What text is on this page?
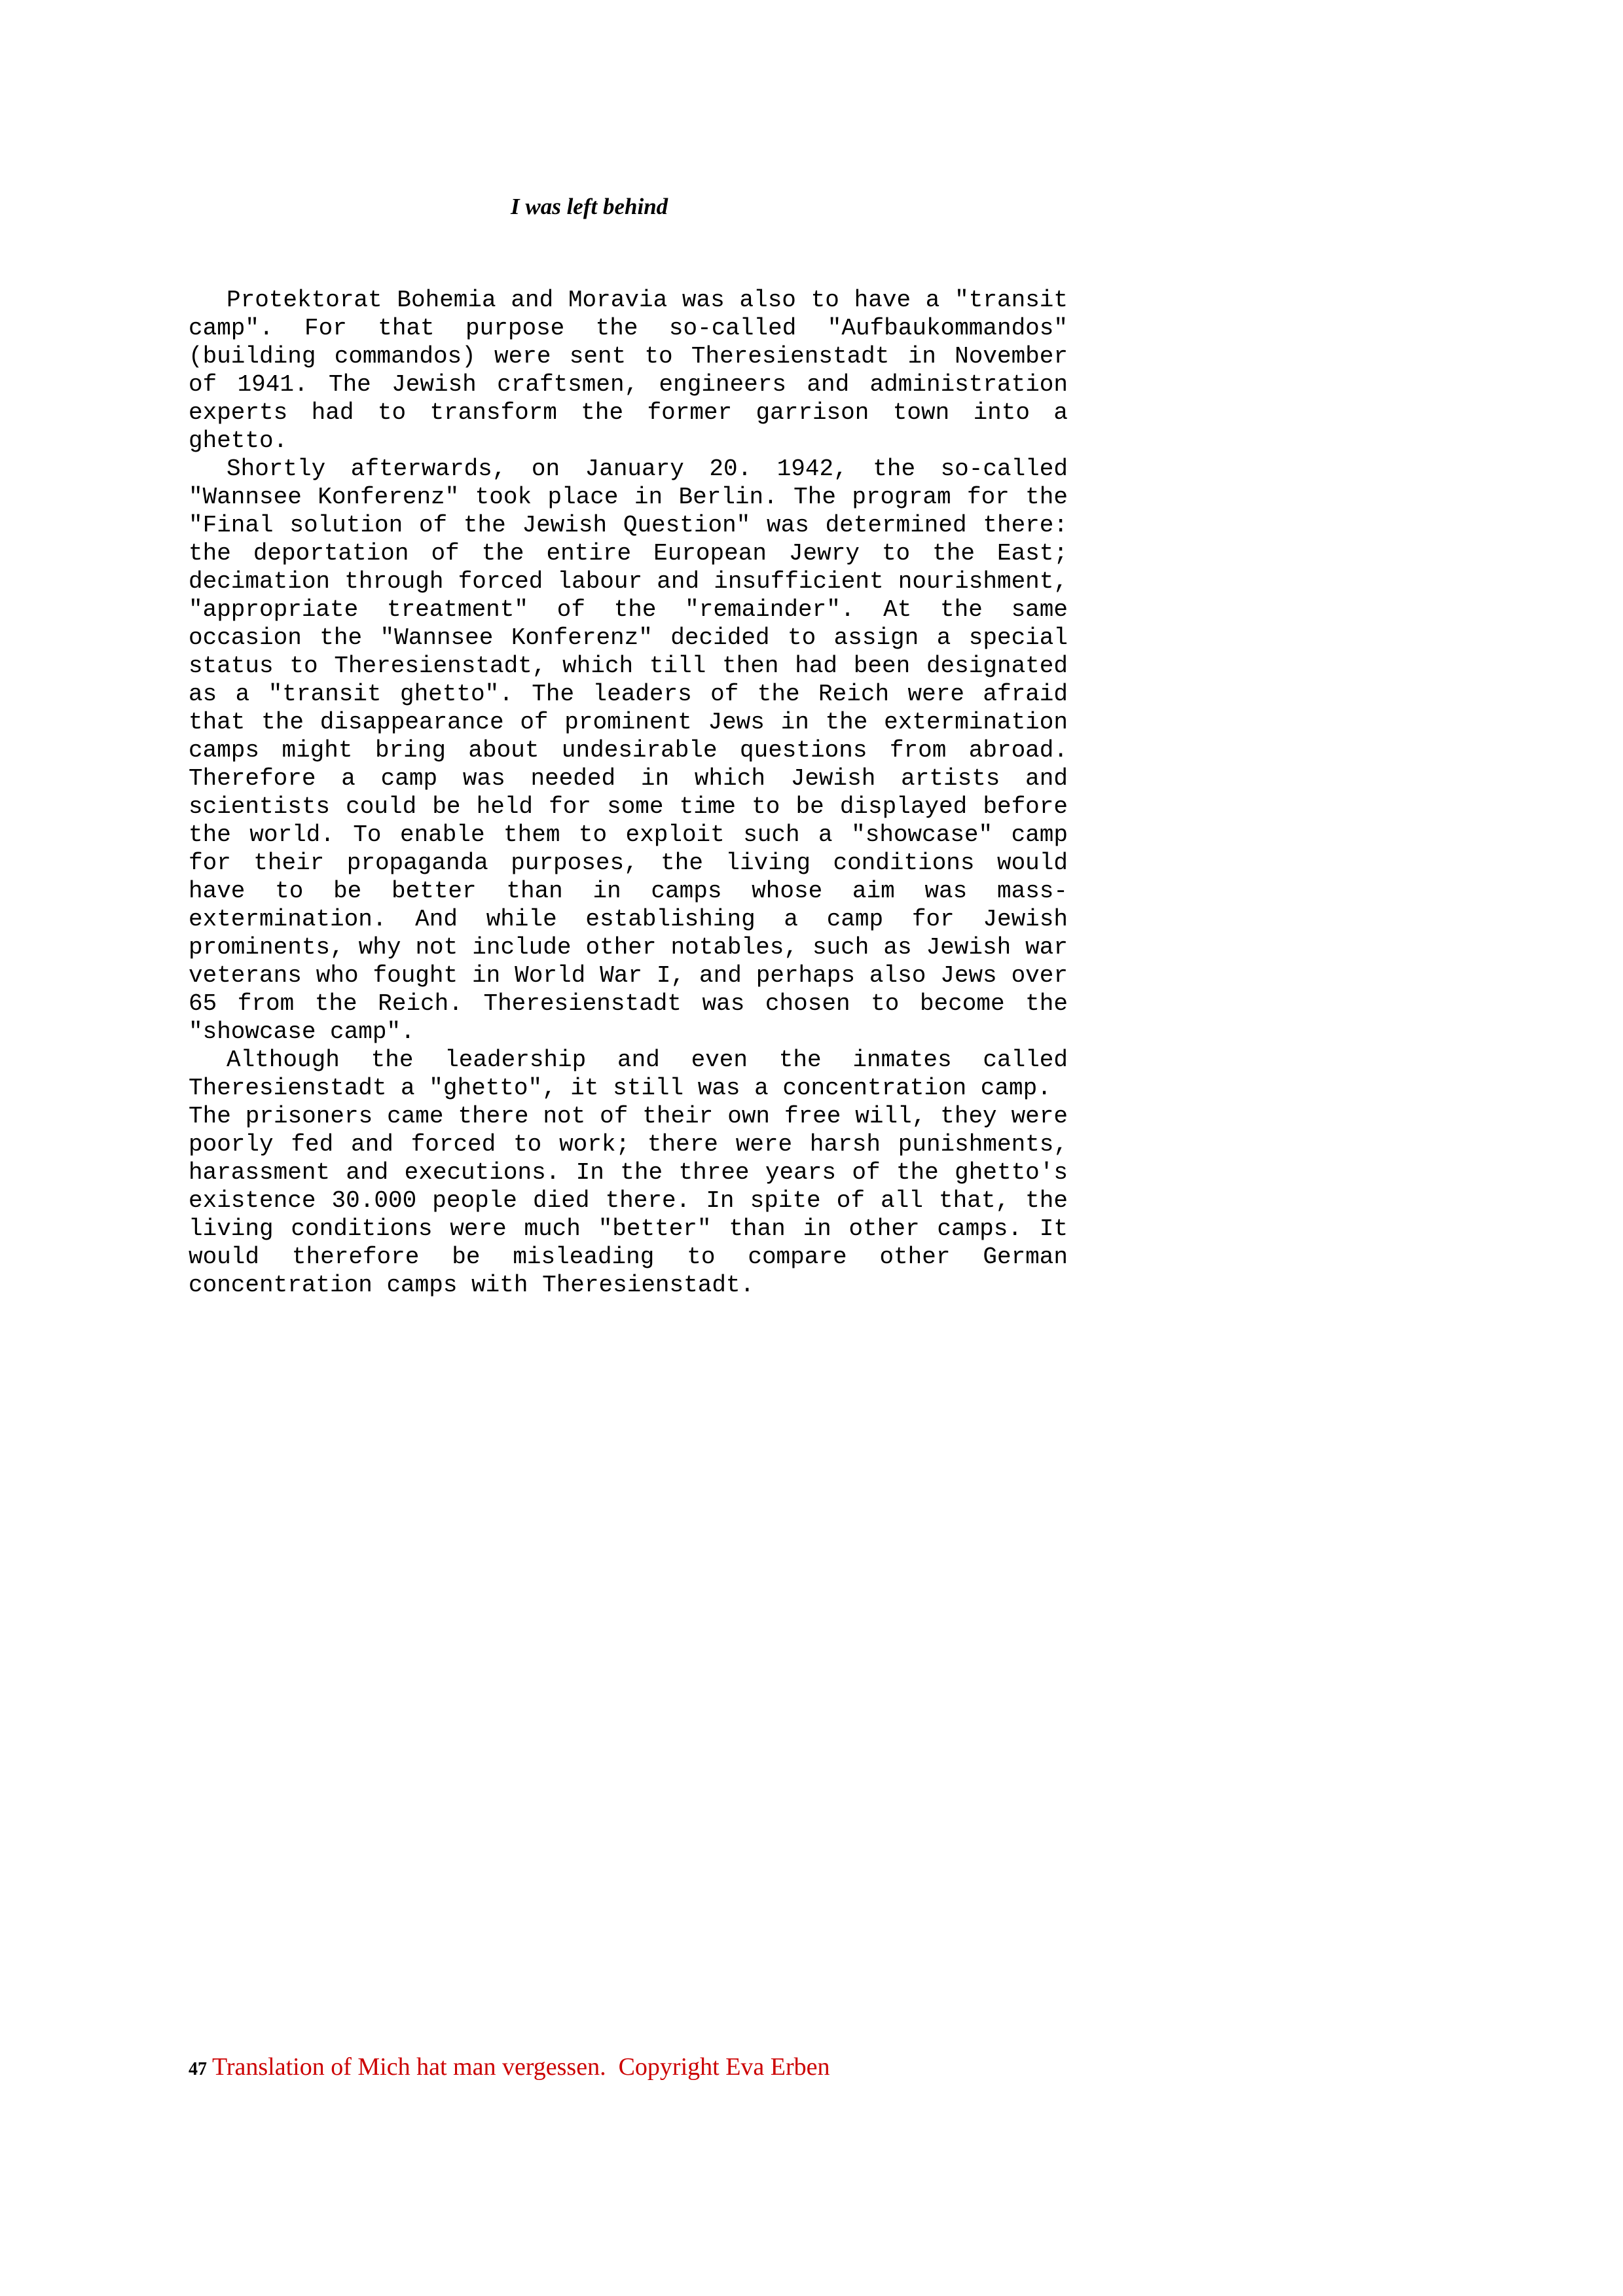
I was left behind

Protektorat Bohemia and Moravia was also to have a "transit camp". For that purpose the so-called "Aufbaukommandos" (building commandos) were sent to Theresienstadt in November of 1941. The Jewish craftsmen, engineers and administration experts had to transform the former garrison town into a ghetto.

Shortly afterwards, on January 20. 1942, the so-called "Wannsee Konferenz" took place in Berlin. The program for the "Final solution of the Jewish Question" was determined there: the deportation of the entire European Jewry to the East; decimation through forced labour and insufficient nourishment, "appropriate treatment" of the "remainder". At the same occasion the "Wannsee Konferenz" decided to assign a special status to Theresienstadt, which till then had been designated as a "transit ghetto". The leaders of the Reich were afraid that the disappearance of prominent Jews in the extermination camps might bring about undesirable questions from abroad. Therefore a camp was needed in which Jewish artists and scientists could be held for some time to be displayed before the world. To enable them to exploit such a "showcase" camp for their propaganda purposes, the living conditions would have to be better than in camps whose aim was mass-extermination. And while establishing a camp for Jewish prominents, why not include other notables, such as Jewish war veterans who fought in World War I, and perhaps also Jews over 65 from the Reich. Theresienstadt was chosen to become the "showcase camp".

Although the leadership and even the inmates called Theresienstadt a "ghetto", it still was a concentration camp.

The prisoners came there not of their own free will, they were poorly fed and forced to work; there were harsh punishments, harassment and executions. In the three years of the ghetto's existence 30.000 people died there. In spite of all that, the living conditions were much "better" than in other camps. It would therefore be misleading to compare other German concentration camps with Theresienstadt.

47 Translation of Mich hat man vergessen.  Copyright Eva Erben
